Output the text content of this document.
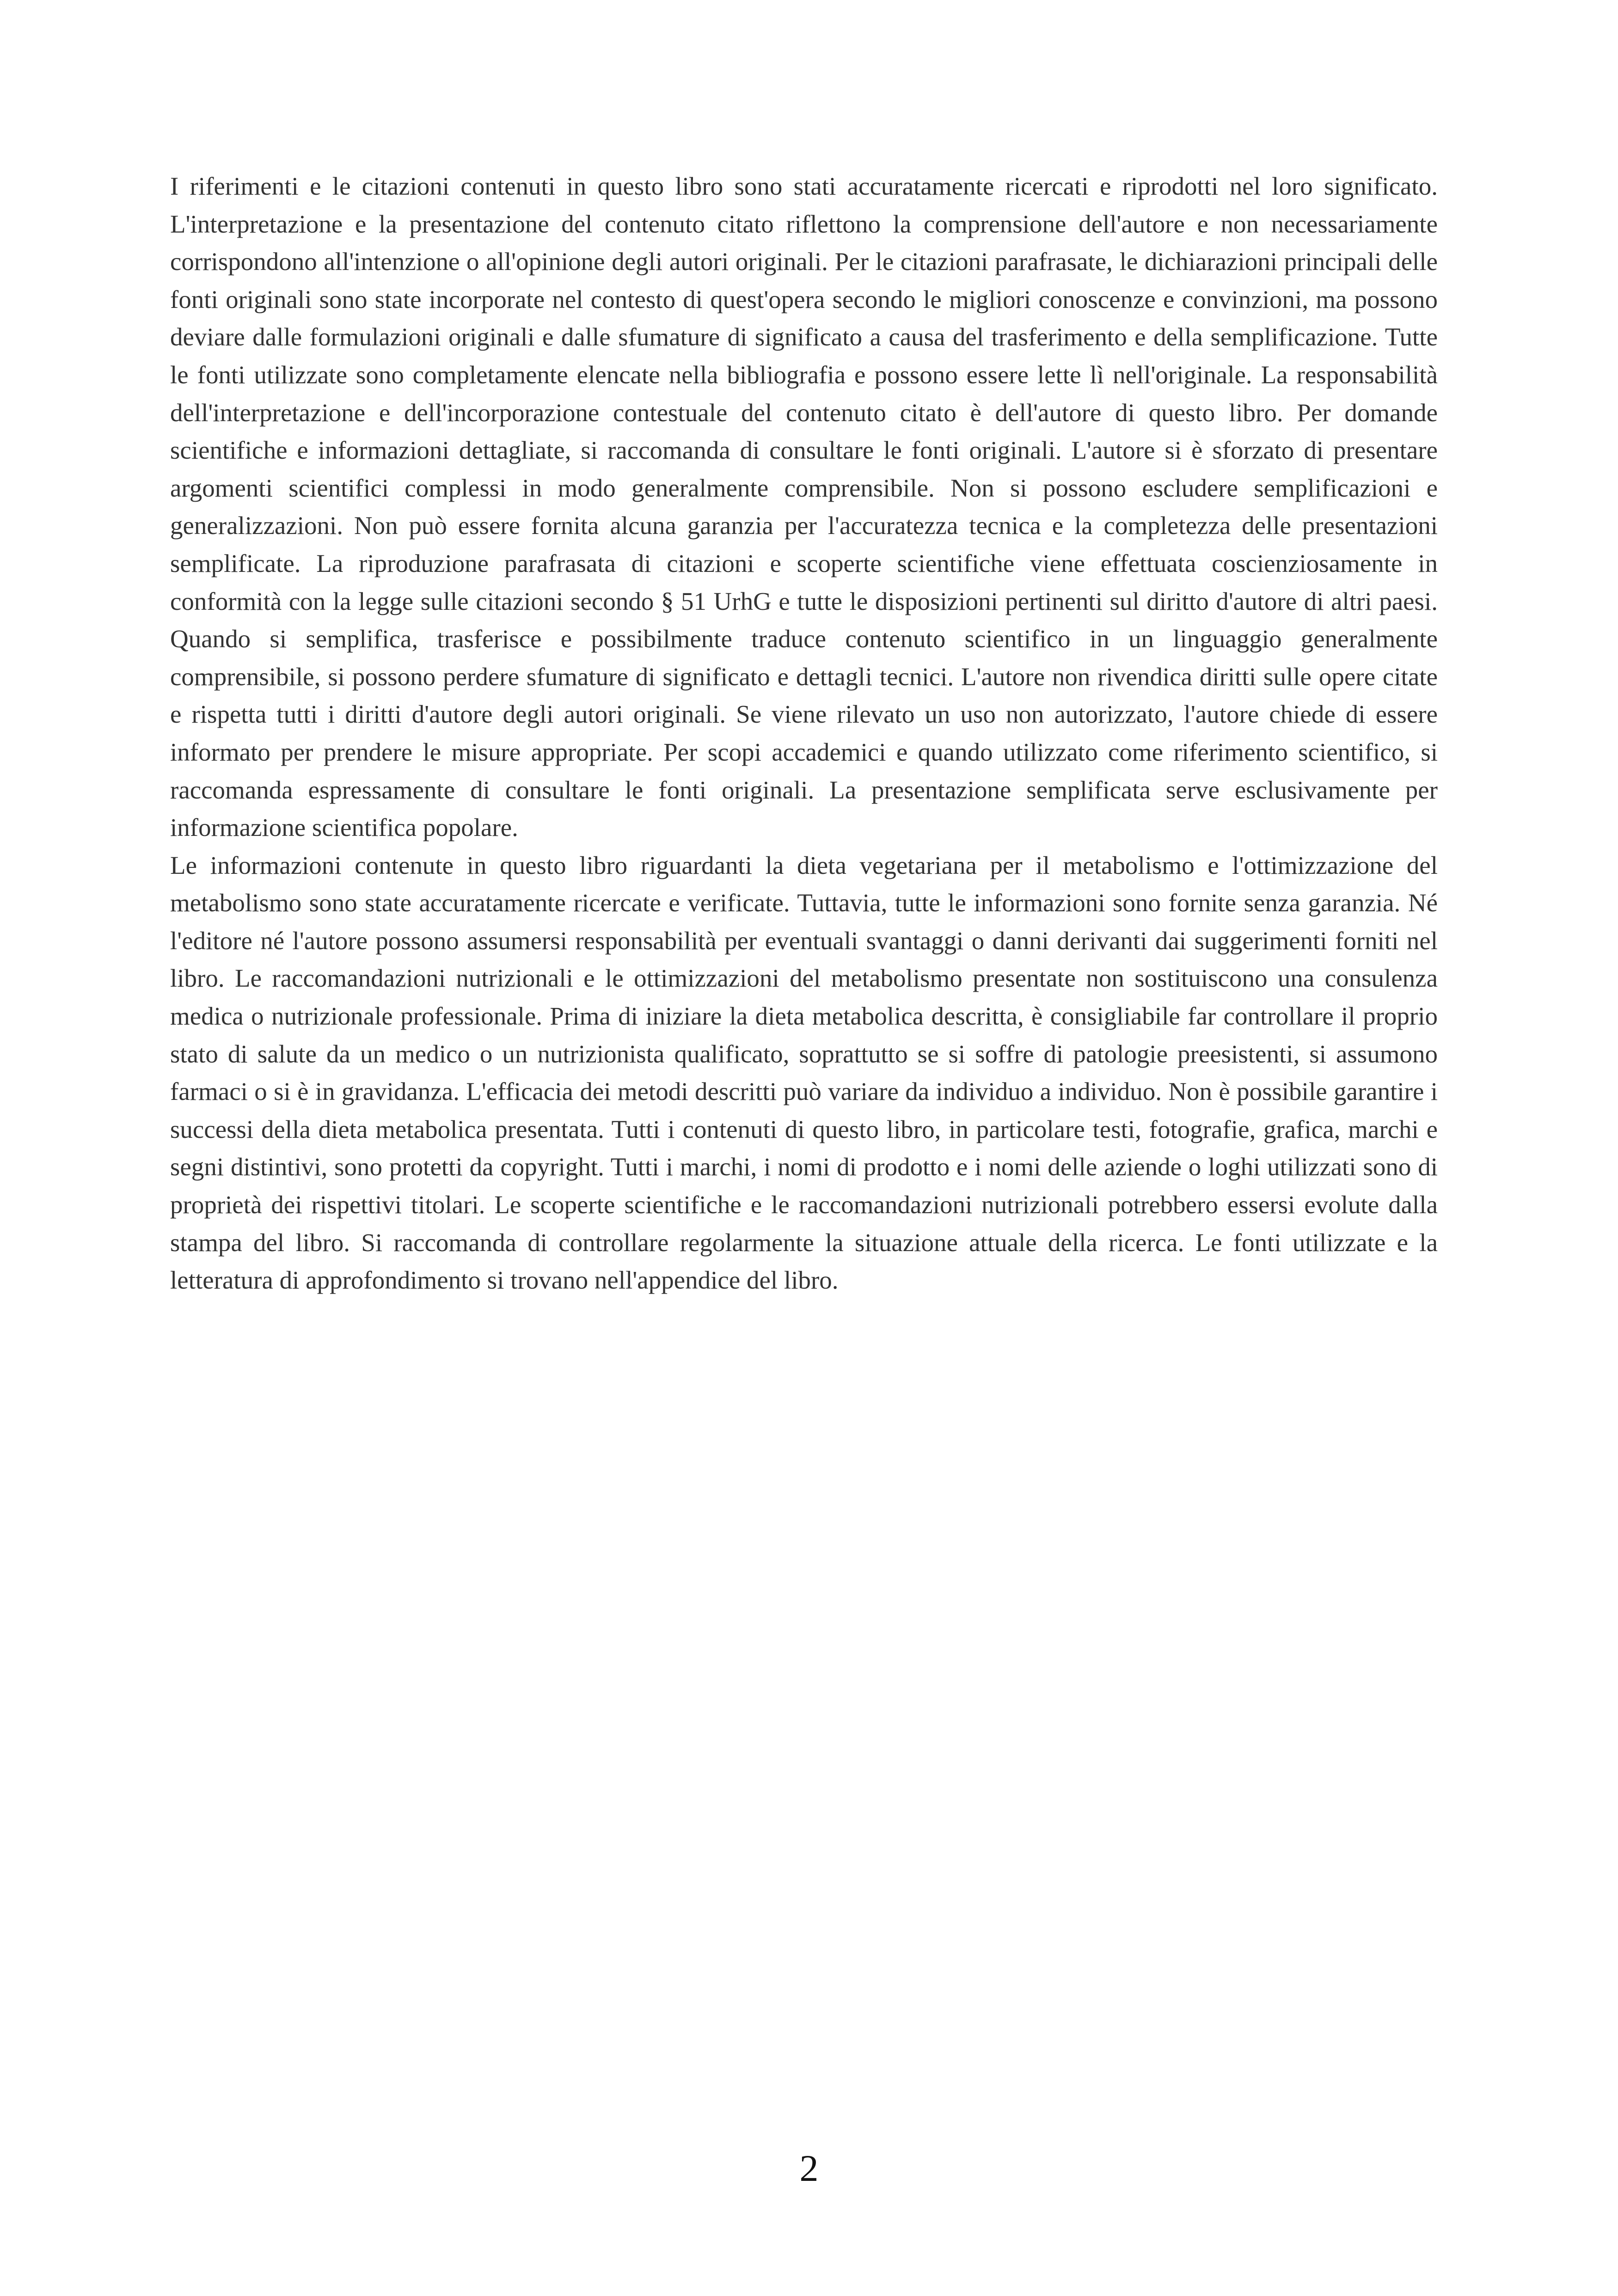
I riferimenti e le citazioni contenuti in questo libro sono stati accuratamente ricercati e riprodotti nel loro significato. L'interpretazione e la presentazione del contenuto citato riflettono la comprensione dell'autore e non necessariamente corrispondono all'intenzione o all'opinione degli autori originali. Per le citazioni parafrasate, le dichiarazioni principali delle fonti originali sono state incorporate nel contesto di quest'opera secondo le migliori conoscenze e convinzioni, ma possono deviare dalle formulazioni originali e dalle sfumature di significato a causa del trasferimento e della semplificazione. Tutte le fonti utilizzate sono completamente elencate nella bibliografia e possono essere lette lì nell'originale. La responsabilità dell'interpretazione e dell'incorporazione contestuale del contenuto citato è dell'autore di questo libro. Per domande scientifiche e informazioni dettagliate, si raccomanda di consultare le fonti originali. L'autore si è sforzato di presentare argomenti scientifici complessi in modo generalmente comprensibile. Non si possono escludere semplificazioni e generalizzazioni. Non può essere fornita alcuna garanzia per l'accuratezza tecnica e la completezza delle presentazioni semplificate. La riproduzione parafrasata di citazioni e scoperte scientifiche viene effettuata coscienziosamente in conformità con la legge sulle citazioni secondo § 51 UrhG e tutte le disposizioni pertinenti sul diritto d'autore di altri paesi. Quando si semplifica, trasferisce e possibilmente traduce contenuto scientifico in un linguaggio generalmente comprensibile, si possono perdere sfumature di significato e dettagli tecnici. L'autore non rivendica diritti sulle opere citate e rispetta tutti i diritti d'autore degli autori originali. Se viene rilevato un uso non autorizzato, l'autore chiede di essere informato per prendere le misure appropriate. Per scopi accademici e quando utilizzato come riferimento scientifico, si raccomanda espressamente di consultare le fonti originali. La presentazione semplificata serve esclusivamente per informazione scientifica popolare.

Le informazioni contenute in questo libro riguardanti la dieta vegetariana per il metabolismo e l'ottimizzazione del metabolismo sono state accuratamente ricercate e verificate. Tuttavia, tutte le informazioni sono fornite senza garanzia. Né l'editore né l'autore possono assumersi responsabilità per eventuali svantaggi o danni derivanti dai suggerimenti forniti nel libro. Le raccomandazioni nutrizionali e le ottimizzazioni del metabolismo presentate non sostituiscono una consulenza medica o nutrizionale professionale. Prima di iniziare la dieta metabolica descritta, è consigliabile far controllare il proprio stato di salute da un medico o un nutrizionista qualificato, soprattutto se si soffre di patologie preesistenti, si assumono farmaci o si è in gravidanza. L'efficacia dei metodi descritti può variare da individuo a individuo. Non è possibile garantire i successi della dieta metabolica presentata. Tutti i contenuti di questo libro, in particolare testi, fotografie, grafica, marchi e segni distintivi, sono protetti da copyright. Tutti i marchi, i nomi di prodotto e i nomi delle aziende o loghi utilizzati sono di proprietà dei rispettivi titolari. Le scoperte scientifiche e le raccomandazioni nutrizionali potrebbero essersi evolute dalla stampa del libro. Si raccomanda di controllare regolarmente la situazione attuale della ricerca. Le fonti utilizzate e la letteratura di approfondimento si trovano nell'appendice del libro.

2
